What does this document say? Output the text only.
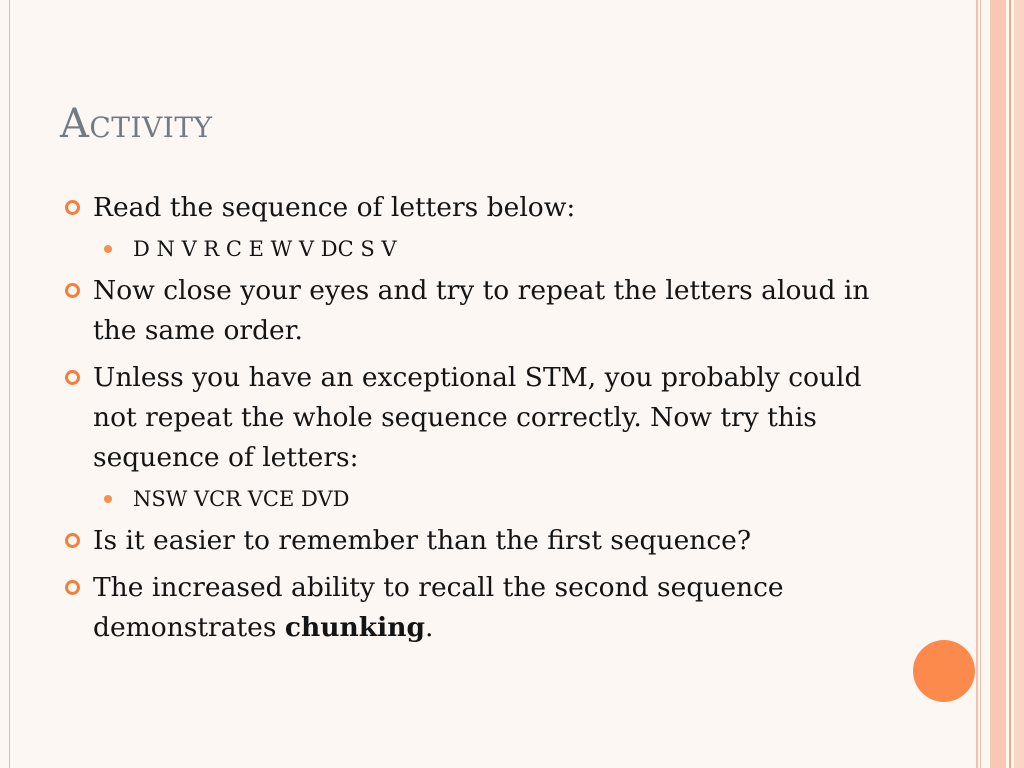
Activity
Read the sequence of letters below:
D N V R C E W V DC S V
Now close your eyes and try to repeat the letters aloud in the same order.
Unless you have an exceptional STM, you probably could not repeat the whole sequence correctly. Now try this sequence of letters:
NSW VCR VCE DVD
Is it easier to remember than the first sequence?
The increased ability to recall the second sequence demonstrates chunking.
